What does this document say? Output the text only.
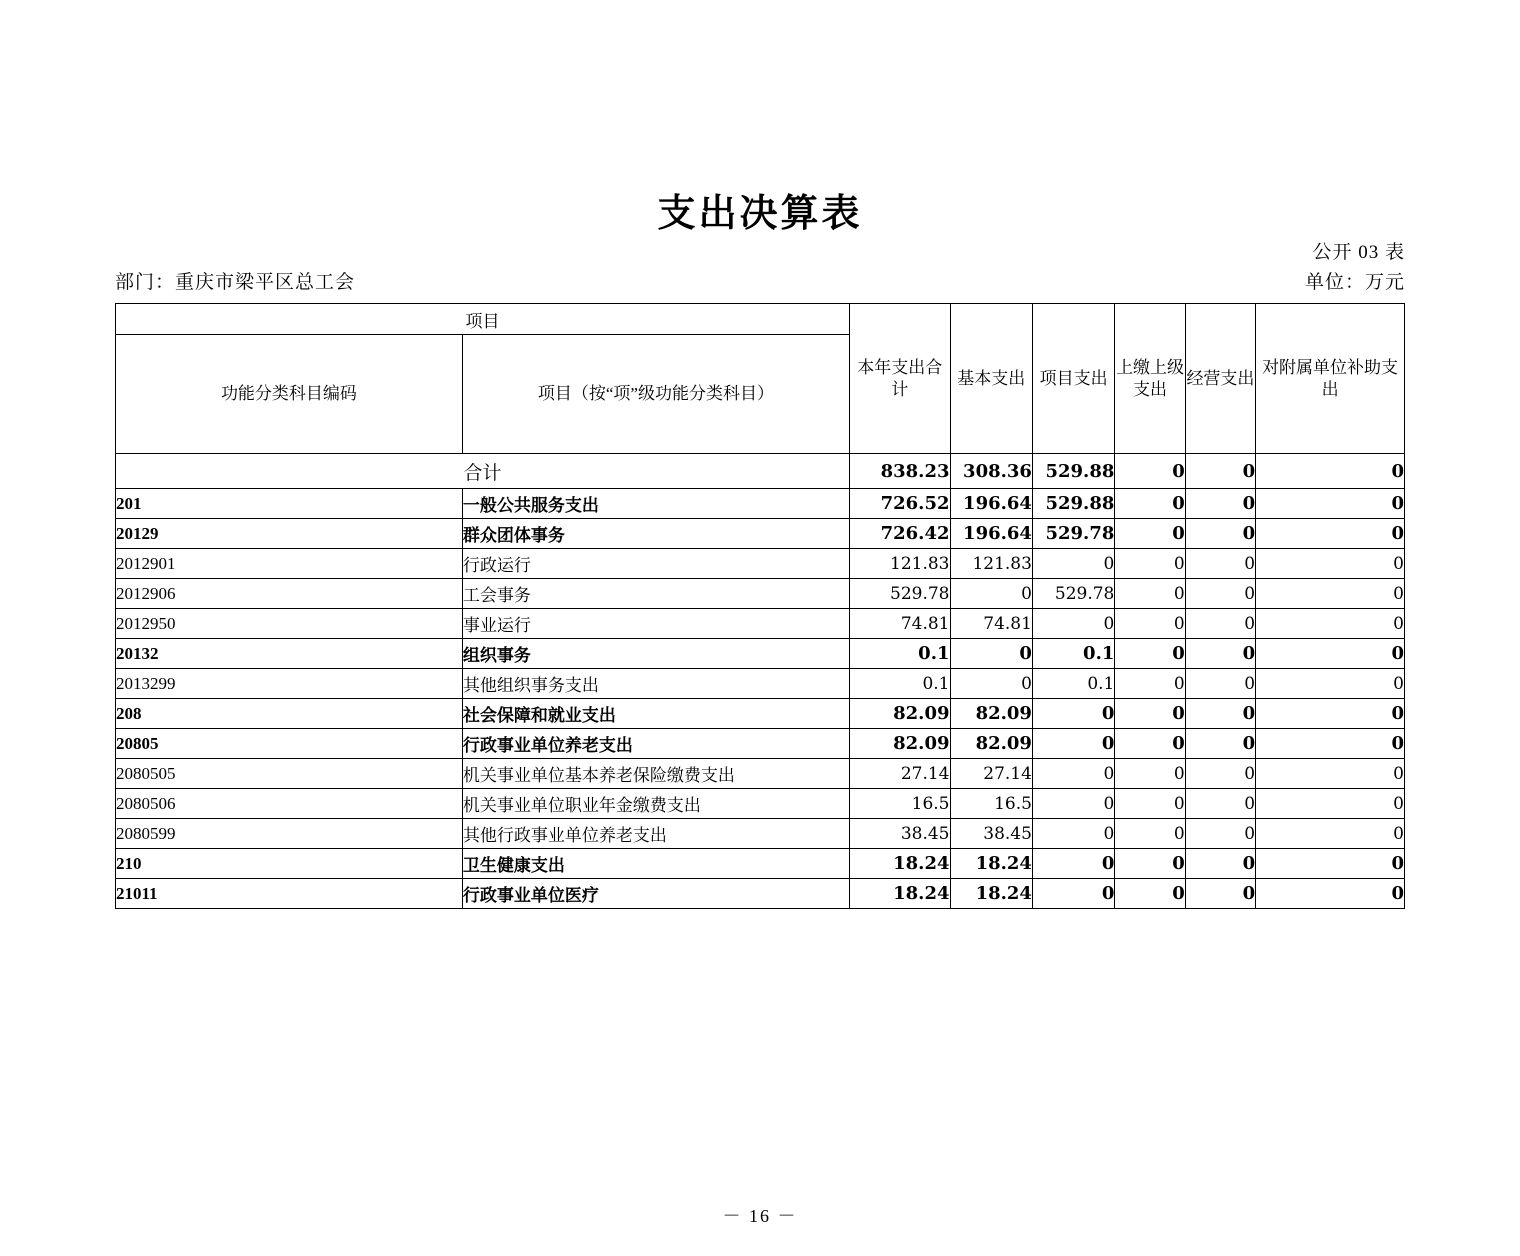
支出决算表
公开 03 表
部门：重庆市梁平区总工会	单位：万元
项目		本年支出合计	基本支出	项目支出	上缴上级支出	经营支出	对附属单位补助支出
功能分类科目编码	项目（按“项”级功能分类科目）						
合计		838.23	308.36	529.88	0	0	0
201	一般公共服务支出	726.52	196.64	529.88	0	0	0
20129	群众团体事务	726.42	196.64	529.78	0	0	0
2012901	行政运行	121.83	121.83	0	0	0	0
2012906	工会事务	529.78	0	529.78	0	0	0
2012950	事业运行	74.81	74.81	0	0	0	0
20132	组织事务	0.1	0	0.1	0	0	0
2013299	其他组织事务支出	0.1	0	0.1	0	0	0
208	社会保障和就业支出	82.09	82.09	0	0	0	0
20805	行政事业单位养老支出	82.09	82.09	0	0	0	0
2080505	机关事业单位基本养老保险缴费支出	27.14	27.14	0	0	0	0
2080506	机关事业单位职业年金缴费支出	16.5	16.5	0	0	0	0
2080599	其他行政事业单位养老支出	38.45	38.45	0	0	0	0
210	卫生健康支出	18.24	18.24	0	0	0	0
21011	行政事业单位医疗	18.24	18.24	0	0	0	0
－ 16 －
